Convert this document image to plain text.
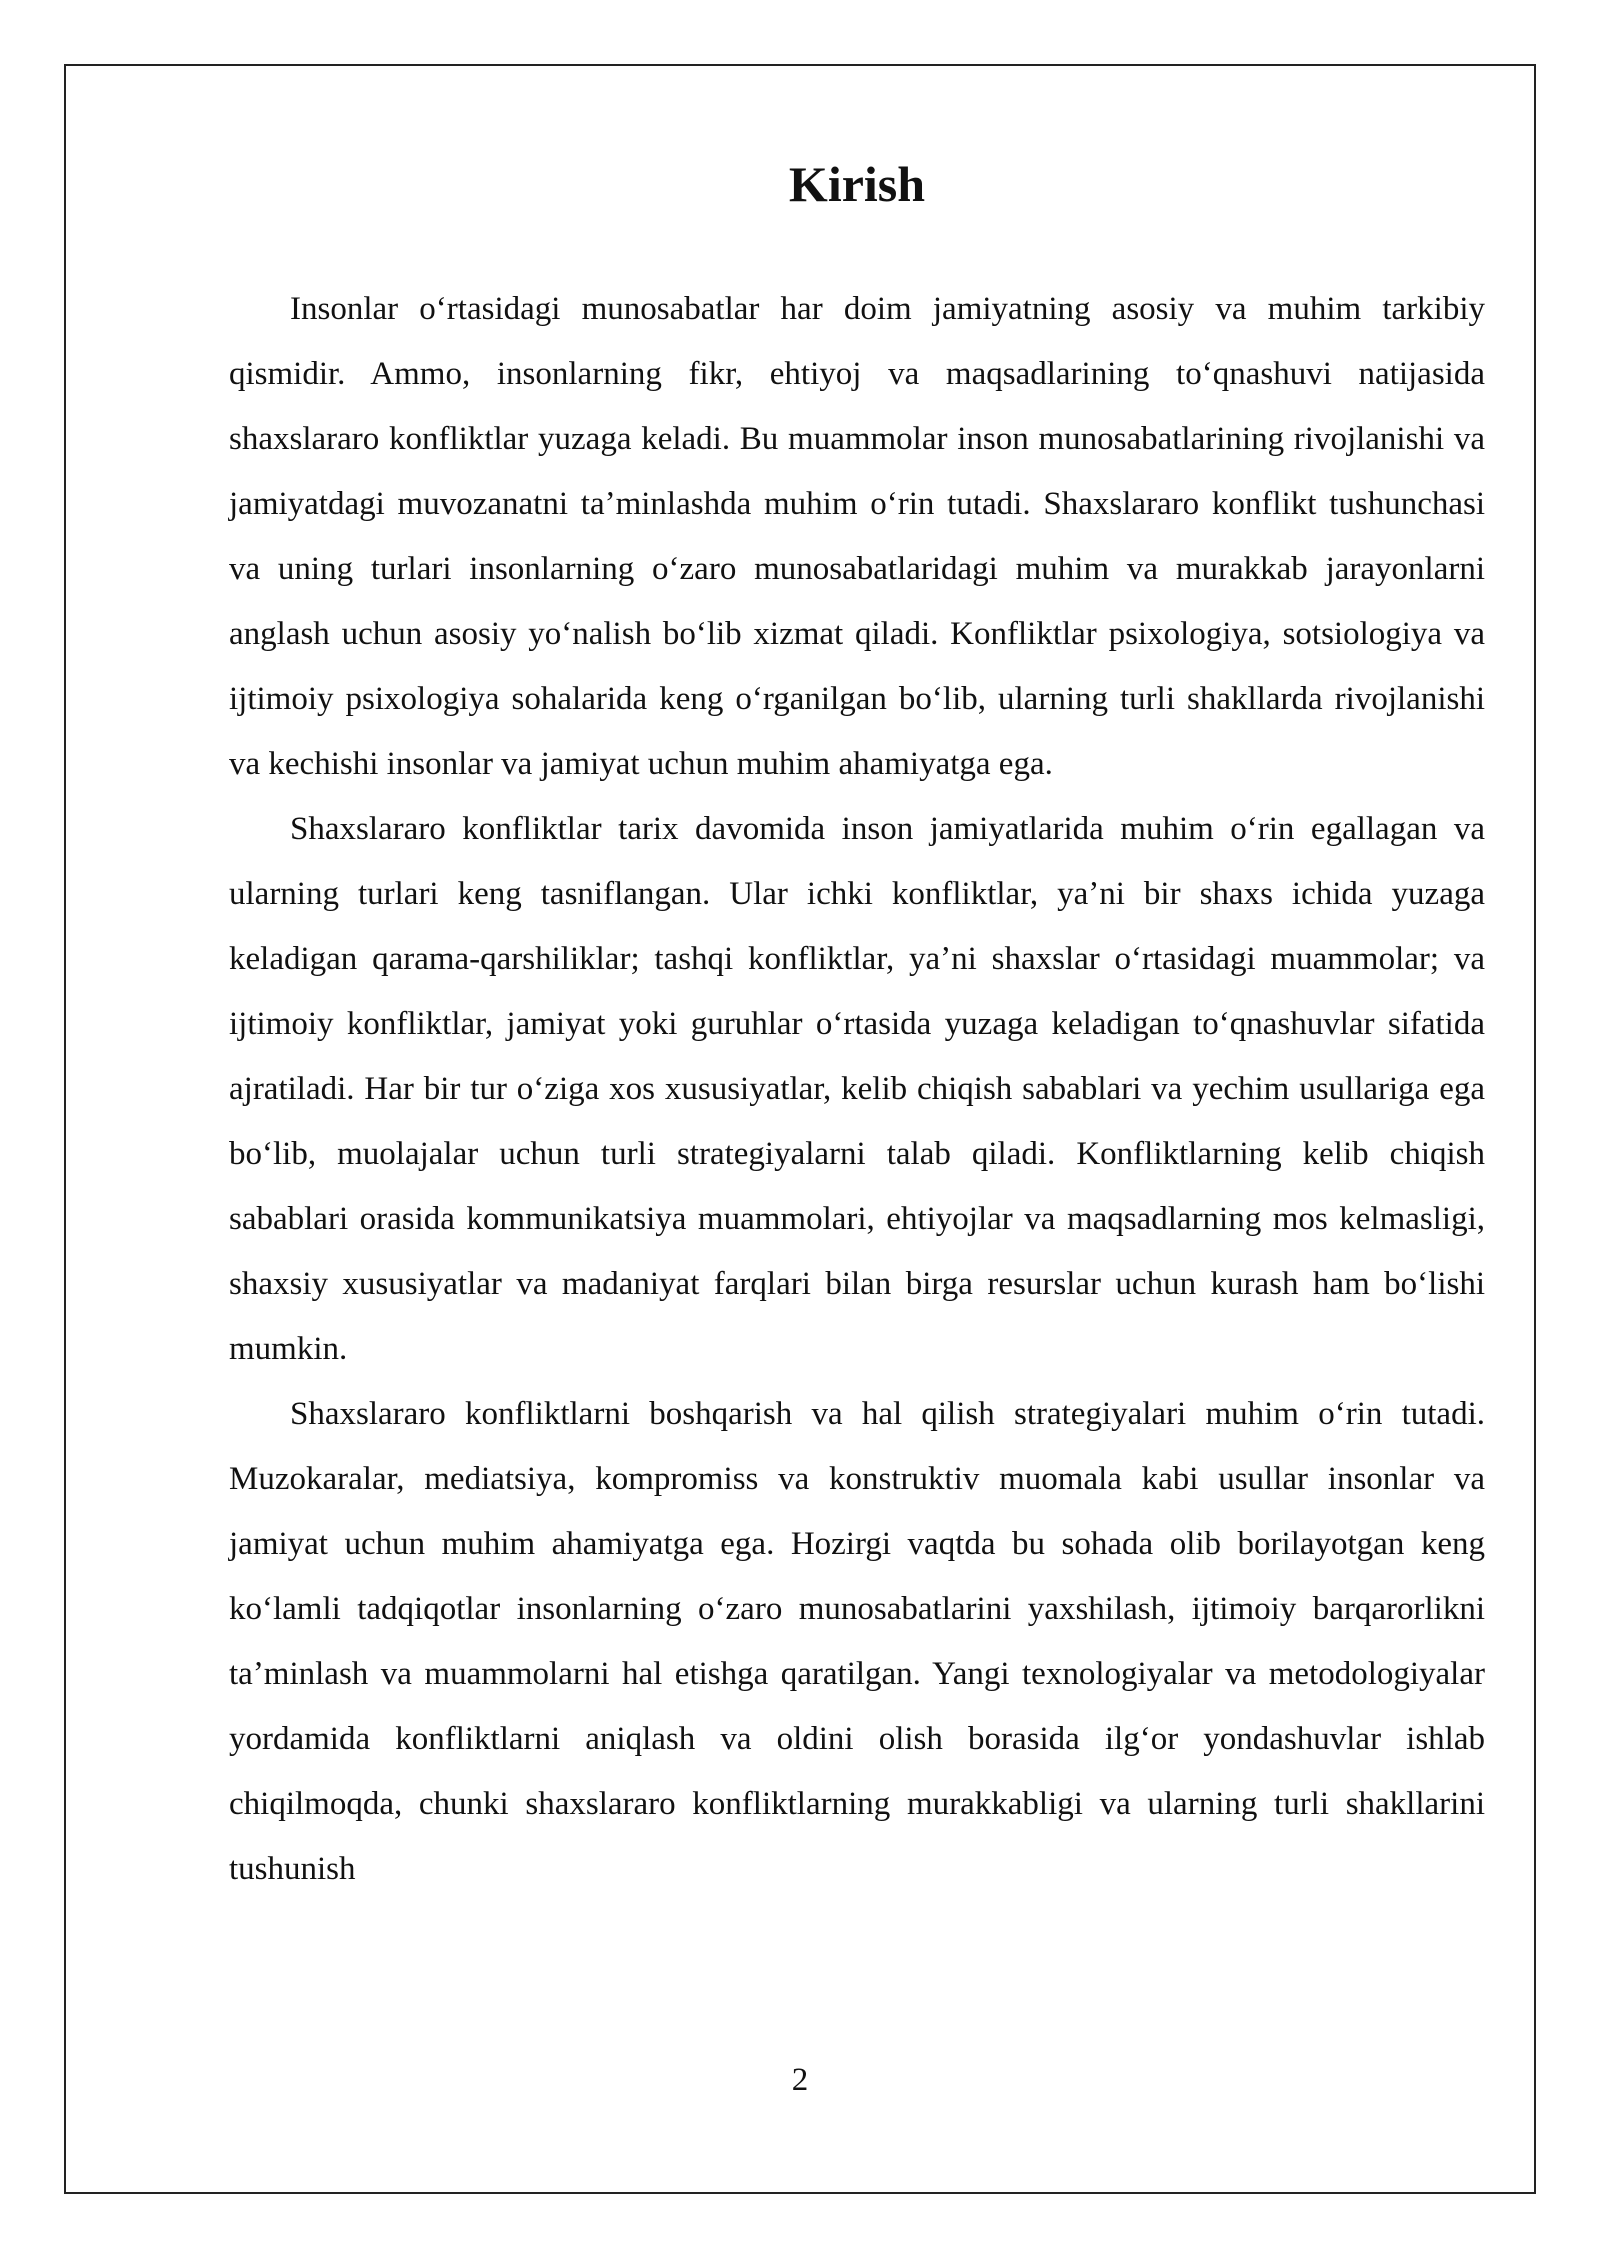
Kirish

Insonlar oʻrtasidagi munosabatlar har doim jamiyatning asosiy va muhim tarkibiy qismidir. Ammo, insonlarning fikr, ehtiyoj va maqsadlarining toʻqnashuvi natijasida shaxslararo konfliktlar yuzaga keladi. Bu muammolar inson munosabatlarining rivojlanishi va jamiyatdagi muvozanatni taʼminlashda muhim oʻrin tutadi. Shaxslararo konflikt tushunchasi va uning turlari insonlarning oʻzaro munosabatlaridagi muhim va murakkab jarayonlarni anglash uchun asosiy yoʻnalish boʻlib xizmat qiladi. Konfliktlar psixologiya, sotsiologiya va ijtimoiy psixologiya sohalarida keng oʻrganilgan boʻlib, ularning turli shakllarda rivojlanishi va kechishi insonlar va jamiyat uchun muhim ahamiyatga ega.

Shaxslararo konfliktlar tarix davomida inson jamiyatlarida muhim oʻrin egallagan va ularning turlari keng tasniflangan. Ular ichki konfliktlar, yaʼni bir shaxs ichida yuzaga keladigan qarama-qarshiliklar; tashqi konfliktlar, yaʼni shaxslar oʻrtasidagi muammolar; va ijtimoiy konfliktlar, jamiyat yoki guruhlar oʻrtasida yuzaga keladigan toʻqnashuvlar sifatida ajratiladi. Har bir tur oʻziga xos xususiyatlar, kelib chiqish sabablari va yechim usullariga ega boʻlib, muolajalar uchun turli strategiyalarni talab qiladi. Konfliktlarning kelib chiqish sabablari orasida kommunikatsiya muammolari, ehtiyojlar va maqsadlarning mos kelmasligi, shaxsiy xususiyatlar va madaniyat farqlari bilan birga resurslar uchun kurash ham boʻlishi mumkin.

Shaxslararo konfliktlarni boshqarish va hal qilish strategiyalari muhim oʻrin tutadi. Muzokaralar, mediatsiya, kompromiss va konstruktiv muomala kabi usullar insonlar va jamiyat uchun muhim ahamiyatga ega. Hozirgi vaqtda bu sohada olib borilayotgan keng koʻlamli tadqiqotlar insonlarning oʻzaro munosabatlarini yaxshilash, ijtimoiy barqarorlikni taʼminlash va muammolarni hal etishga qaratilgan. Yangi texnologiyalar va metodologiyalar yordamida konfliktlarni aniqlash va oldini olish borasida ilgʻor yondashuvlar ishlab chiqilmoqda, chunki shaxslararo konfliktlarning murakkabligi va ularning turli shakllarini tushunish

2
